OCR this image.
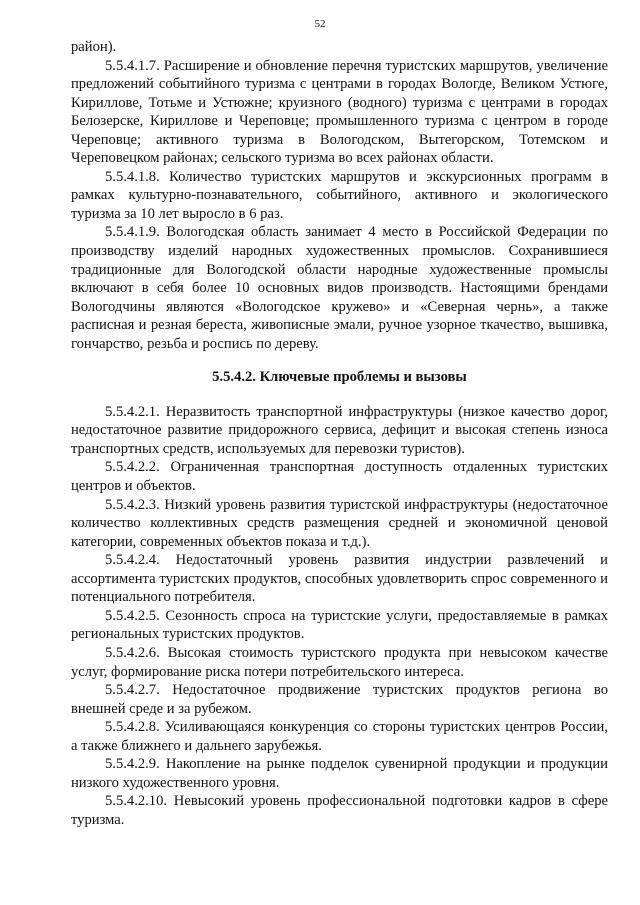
52

район).

5.5.4.1.7. Расширение и обновление перечня туристских маршрутов, увеличение предложений событийного туризма с центрами в городах Вологде, Великом Устюге, Кириллове, Тотьме и Устюжне; круизного (водного) туризма с центрами в городах Белозерске, Кириллове и Череповце; промышленного туризма с центром в городе Череповце; активного туризма в Вологодском, Вытегорском, Тотемском и Череповецком районах; сельского туризма во всех районах области.

5.5.4.1.8. Количество туристских маршрутов и экскурсионных программ в рамках культурно-познавательного, событийного, активного и экологического туризма за 10 лет выросло в 6 раз.

5.5.4.1.9. Вологодская область занимает 4 место в Российской Федерации по производству изделий народных художественных промыслов. Сохранившиеся традиционные для Вологодской области народные художественные промыслы включают в себя более 10 основных видов производств. Настоящими брендами Вологодчины являются «Вологодское кружево» и «Северная чернь», а также расписная и резная береста, живописные эмали, ручное узорное ткачество, вышивка, гончарство, резьба и роспись по дереву.

5.5.4.2. Ключевые проблемы и вызовы

5.5.4.2.1. Неразвитость транспортной инфраструктуры (низкое качество дорог, недостаточное развитие придорожного сервиса, дефицит и высокая степень износа транспортных средств, используемых для перевозки туристов).

5.5.4.2.2. Ограниченная транспортная доступность отдаленных туристских центров и объектов.

5.5.4.2.3. Низкий уровень развития туристской инфраструктуры (недостаточное количество коллективных средств размещения средней и экономичной ценовой категории, современных объектов показа и т.д.).

5.5.4.2.4. Недостаточный уровень развития индустрии развлечений и ассортимента туристских продуктов, способных удовлетворить спрос современного и потенциального потребителя.

5.5.4.2.5. Сезонность спроса на туристские услуги, предоставляемые в рамках региональных туристских продуктов.

5.5.4.2.6. Высокая стоимость туристского продукта при невысоком качестве услуг, формирование риска потери потребительского интереса.

5.5.4.2.7. Недостаточное продвижение туристских продуктов региона во внешней среде и за рубежом.

5.5.4.2.8. Усиливающаяся конкуренция со стороны туристских центров России, а также ближнего и дальнего зарубежья.

5.5.4.2.9. Накопление на рынке подделок сувенирной продукции и продукции низкого художественного уровня.

5.5.4.2.10. Невысокий уровень профессиональной подготовки кадров в сфере туризма.
